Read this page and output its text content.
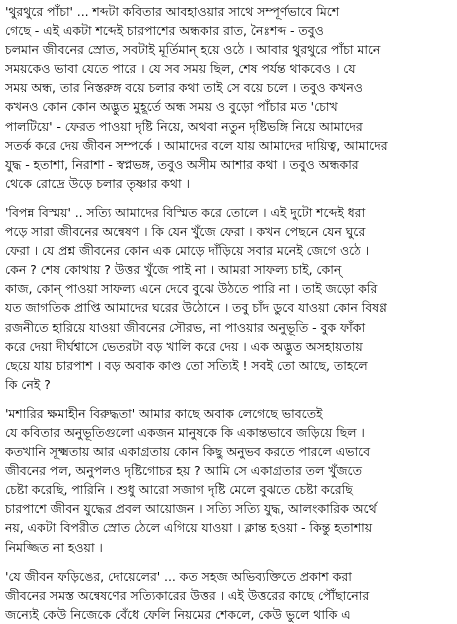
'থুরথুরে পাঁচা' ... শব্দটা কবিতার আবহাওয়ার সাথে সম্পূর্ণভাবে মিশে
গেছে - এই একটা শব্দেই চারপাশের অন্ধকার রাত, নৈঃশব্দ - তবুও
চলমান জীবনের স্রোত, সবটাই মূর্তিমান্ হয়ে ওঠে । আবার থুরথুরে পাঁচা মানে
সময়কেও ভাবা যেতে পারে । যে সব সময় ছিল, শেষ পর্যন্ত থাকবেও । যে
সময় অন্ধ, তার নিস্তরুঙ্গ বয়ে চলার কথা তাই সে বয়ে চলে । তবুও কখনও
কখনও কোন কোন অদ্ভুত মুহূর্তে অন্ধ সময় ও বুড়ো পাঁচার মত 'চোখ
পালটিয়ে' - ফেরত পাওয়া দৃষ্টি নিয়ে, অথবা নতুন দৃষ্টিভঙ্গি নিয়ে আমাদের
সতর্ক করে দেয় জীবন সম্পর্কে । আমাদের বলে যায় আমাদের দায়িত্ব, আমাদের
যুদ্ধ - হতাশা, নিরাশা - স্বপ্নভঙ্গ, তবুও অসীম আশার কথা । তবুও অন্ধকার
থেকে রোদ্রে উড়ে চলার তৃষ্ণার কথা ।
'বিপন্ন বিস্ময়' .. সত্যি আমাদের বিস্মিত করে তোলে । এই দুটো শব্দেই ধরা
পড়ে সারা জীবনের অন্বেষণ । কি যেন খুঁজে ফেরা । কখন পেছনে যেন ঘুরে
ফেরা । যে প্রশ্ন জীবনের কোন এক মোড়ে দাঁড়িয়ে সবার মনেই জেগে ওঠে ।
কেন ? শেষ কোথায় ? উত্তর খুঁজে পাই না । আমরা সাফল্য চাই, কোন্
কাজ, কোন্ পাওয়া সাফল্য এনে দেবে বুঝে উঠতে পারি না । তাই জড়ো করি
যত জাগতিক প্রাপ্তি আমাদের ঘরের উঠোনে । তবু চাঁদ ডুবে যাওয়া কোন বিষণ্ণ
রজনীতে হারিয়ে যাওয়া জীবনের সৌরভ, না পাওয়ার অনুভূতি - বুক ফাঁকা
করে দেয়া দীর্ঘশ্বাসে ভেতরটা বড় খালি করে দেয় । এক অদ্ভুত অসহায়তায়
ছেয়ে যায় চারপাশ । বড় অবাক কাণ্ড তো সত্যিই ! সবই তো আছে, তাহলে
কি নেই ?
'মশারির ক্ষমাহীন বিরুদ্ধতা' আমার কাছে অবাক লেগেছে ভাবতেই
যে কবিতার অনুভূতিগুলো একজন মানুষকে কি একান্তভাবে জড়িয়ে ছিল ।
কতখানি সূক্ষ্মতায় আর একাগ্রতায় কোন কিছু অনুভব করতে পারলে এভাবে
জীবনের পল, অনুপলও দৃষ্টিগোচর হয় ? আমি সে একাগ্রতার তল খুঁজতে
চেষ্টা করেছি, পারিনি । শুধু আরো সজাগ দৃষ্টি মেলে বুঝতে চেষ্টা করেছি
চারপাশে জীবন যুদ্ধের প্রবল আয়োজন । সত্যি সত্যি যুদ্ধ, আলংকারিক অর্থে
নয়, একটা বিপরীত স্রোত ঠেলে এগিয়ে যাওয়া । ক্লান্ত হওয়া - কিন্তু হতাশায়
নিমজ্জিত না হওয়া ।
'যে জীবন ফড়িঙের, দোয়েলের' ... কত সহজ অভিব্যক্তিতে প্রকাশ করা
জীবনের সমস্ত অন্বেষণের সত্যিকারের উত্তর । এই উত্তরের কাছে পৌঁছানোর
জন্যেই কেউ নিজেকে বেঁধে ফেলি নিয়মের শেকলে, কেউ ভুলে থাকি এ
